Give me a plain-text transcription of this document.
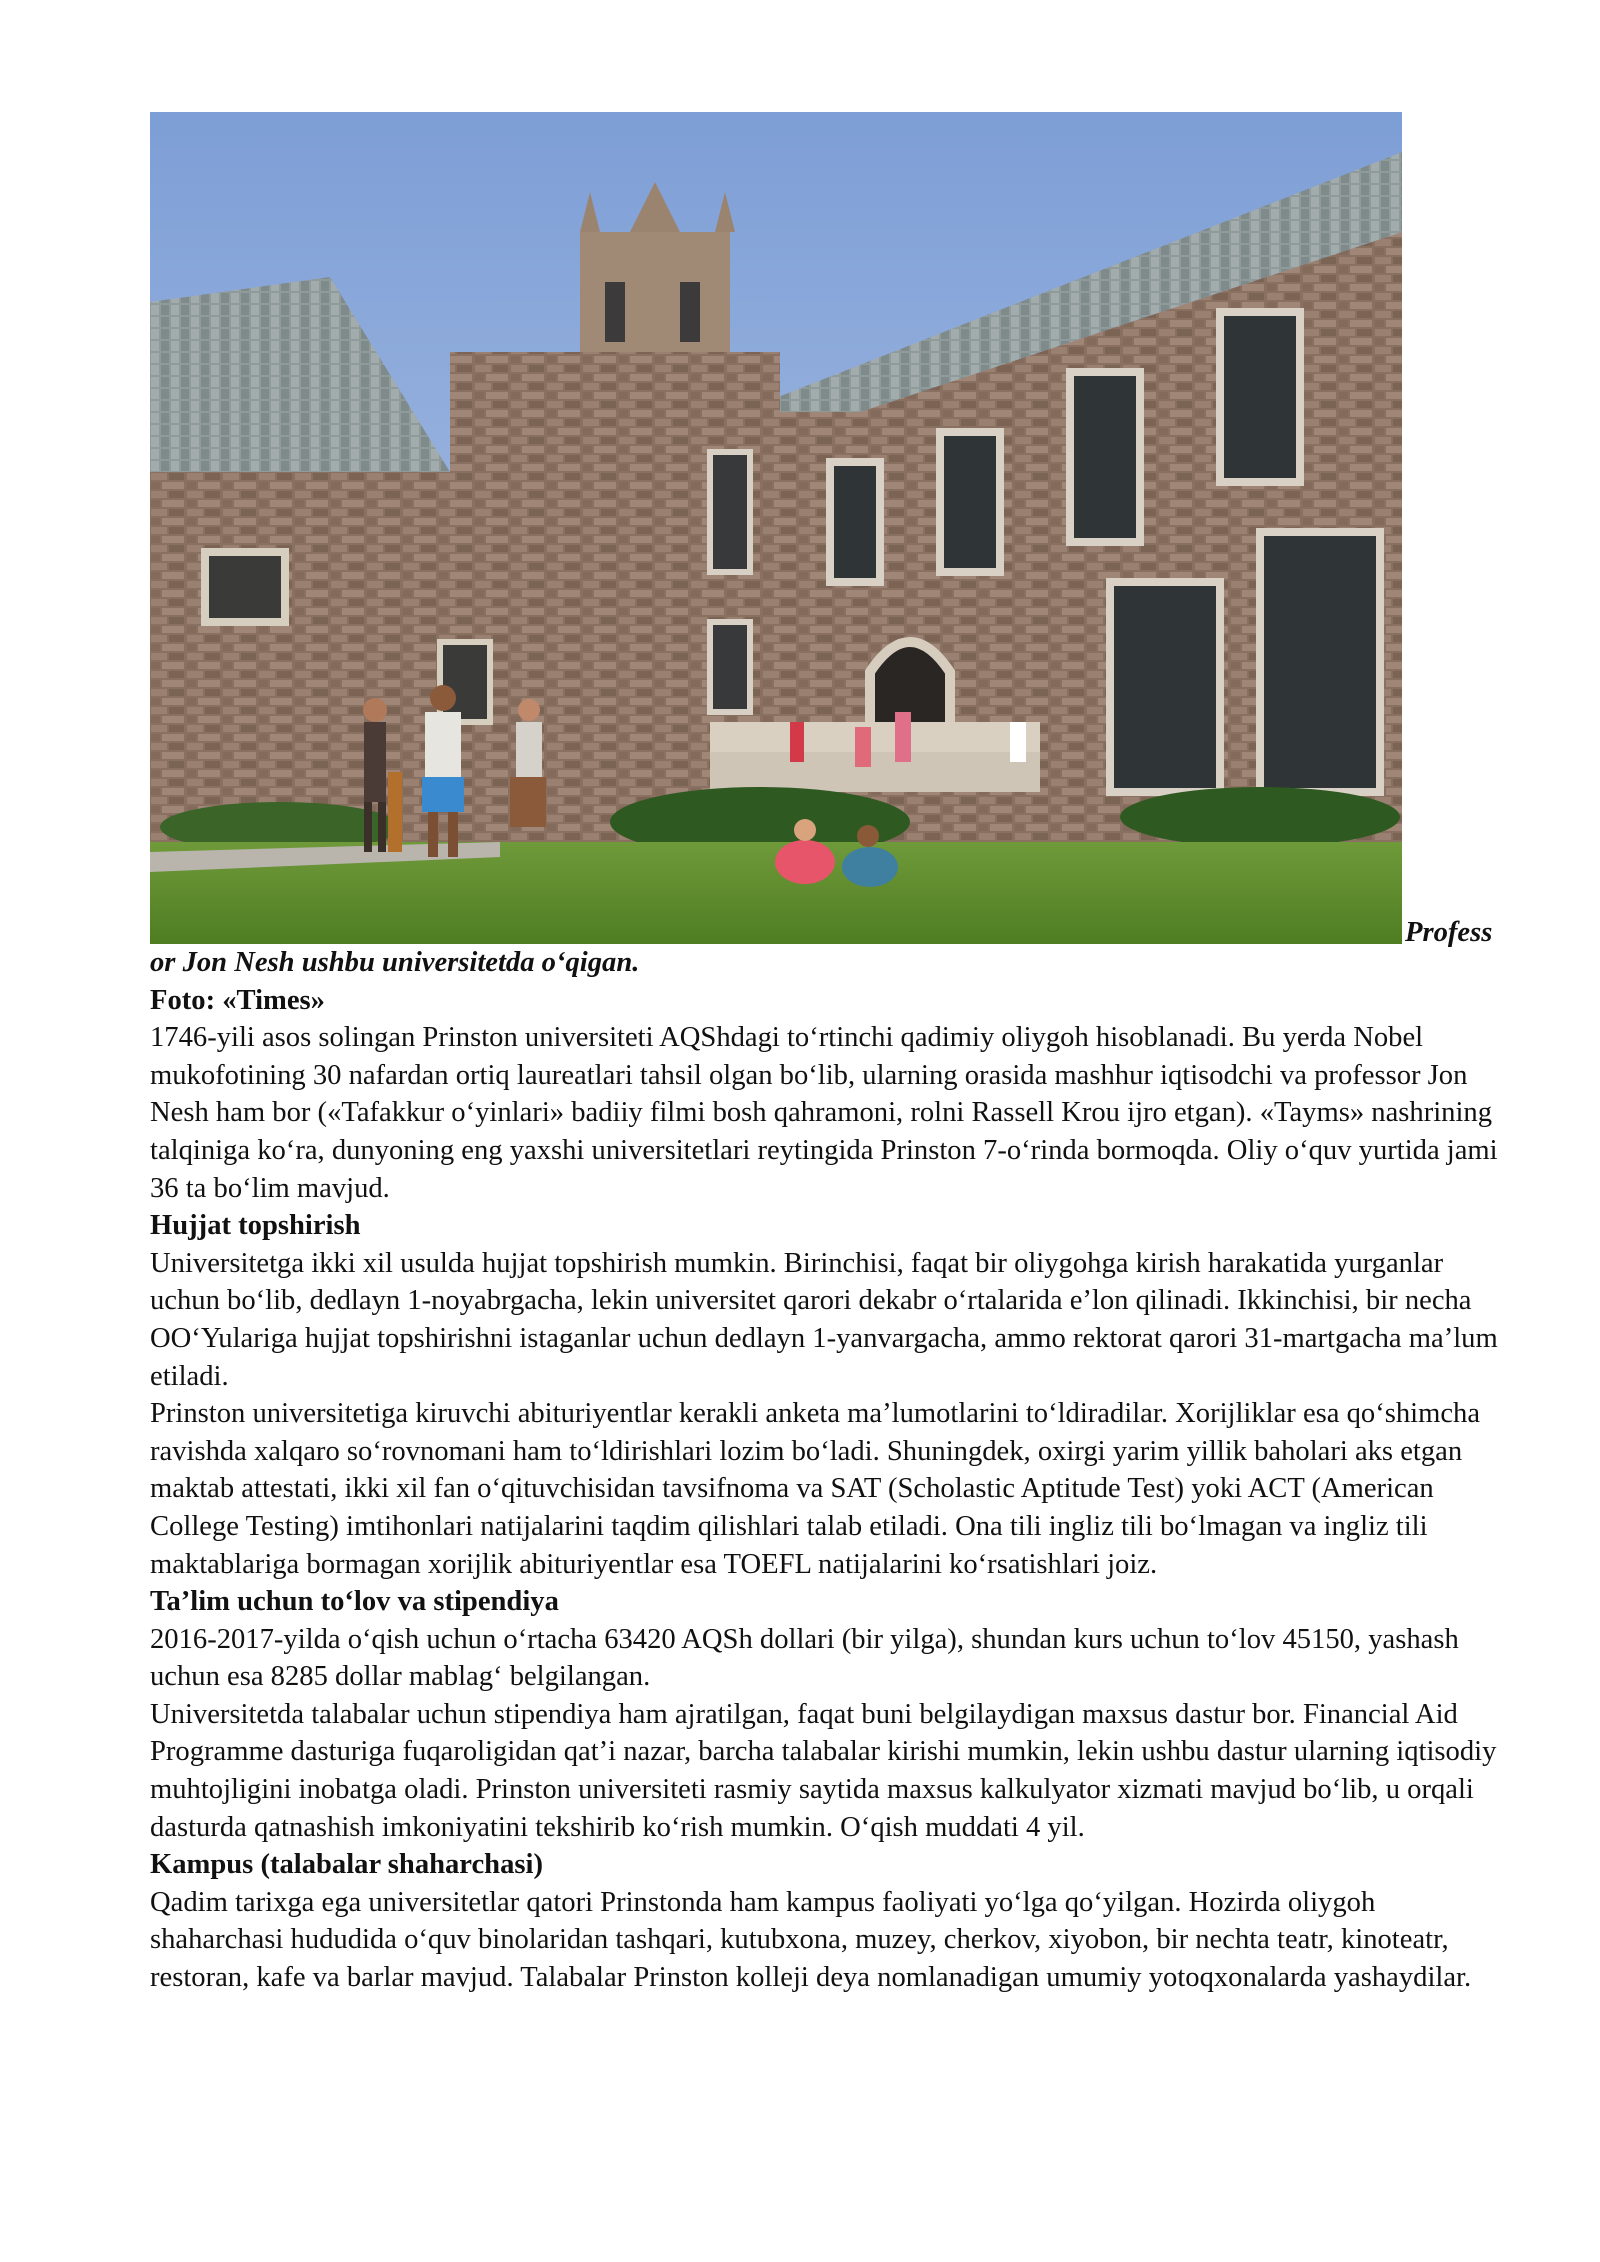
Profess

or Jon Nesh ushbu universitetda o‘qigan.

Foto: «Times»

1746-yili asos solingan Prinston universiteti AQShdagi to‘rtinchi qadimiy oliygoh hisoblanadi. Bu yerda Nobel mukofotining 30 nafardan ortiq laureatlari tahsil olgan bo‘lib, ularning orasida mashhur iqtisodchi va professor Jon Nesh ham bor («Tafakkur o‘yinlari» badiiy filmi bosh qahramoni, rolni Rassell Krou ijro etgan). «Tayms» nashrining talqiniga ko‘ra, dunyoning eng yaxshi universitetlari reytingida Prinston 7-o‘rinda bormoqda. Oliy o‘quv yurtida jami 36 ta bo‘lim mavjud.

Hujjat topshirish

Universitetga ikki xil usulda hujjat topshirish mumkin. Birinchisi, faqat bir oliygohga kirish harakatida yurganlar uchun bo‘lib, dedlayn 1-noyabrgacha, lekin universitet qarori dekabr o‘rtalarida e’lon qilinadi. Ikkinchisi, bir necha OO‘Yulariga hujjat topshirishni istaganlar uchun dedlayn 1-yanvargacha, ammo rektorat qarori 31-martgacha ma’lum etiladi.

Prinston universitetiga kiruvchi abituriyentlar kerakli anketa ma’lumotlarini to‘ldiradilar. Xorijliklar esa qo‘shimcha ravishda xalqaro so‘rovnomani ham to‘ldirishlari lozim bo‘ladi. Shuningdek, oxirgi yarim yillik baholari aks etgan maktab attestati, ikki xil fan o‘qituvchisidan tavsifnoma va SAT (Scholastic Aptitude Test) yoki ACT (American College Testing) imtihonlari natijalarini taqdim qilishlari talab etiladi. Ona tili ingliz tili bo‘lmagan va ingliz tili maktablariga bormagan xorijlik abituriyentlar esa TOEFL natijalarini ko‘rsatishlari joiz.

Ta’lim uchun to‘lov va stipendiya

2016-2017-yilda o‘qish uchun o‘rtacha 63420 AQSh dollari (bir yilga), shundan kurs uchun to‘lov 45150, yashash uchun esa 8285 dollar mablag‘ belgilangan.

Universitetda talabalar uchun stipendiya ham ajratilgan, faqat buni belgilaydigan maxsus dastur bor. Financial Aid Programme dasturiga fuqaroligidan qat’i nazar, barcha talabalar kirishi mumkin, lekin ushbu dastur ularning iqtisodiy muhtojligini inobatga oladi. Prinston universiteti rasmiy saytida maxsus kalkulyator xizmati mavjud bo‘lib, u orqali dasturda qatnashish imkoniyatini tekshirib ko‘rish mumkin. O‘qish muddati 4 yil.

Kampus (talabalar shaharchasi)

Qadim tarixga ega universitetlar qatori Prinstonda ham kampus faoliyati yo‘lga qo‘yilgan. Hozirda oliygoh shaharchasi hududida o‘quv binolaridan tashqari, kutubxona, muzey, cherkov, xiyobon, bir nechta teatr, kinoteatr, restoran, kafe va barlar mavjud. Talabalar Prinston kolleji deya nomlanadigan umumiy yotoqxonalarda yashaydilar.
